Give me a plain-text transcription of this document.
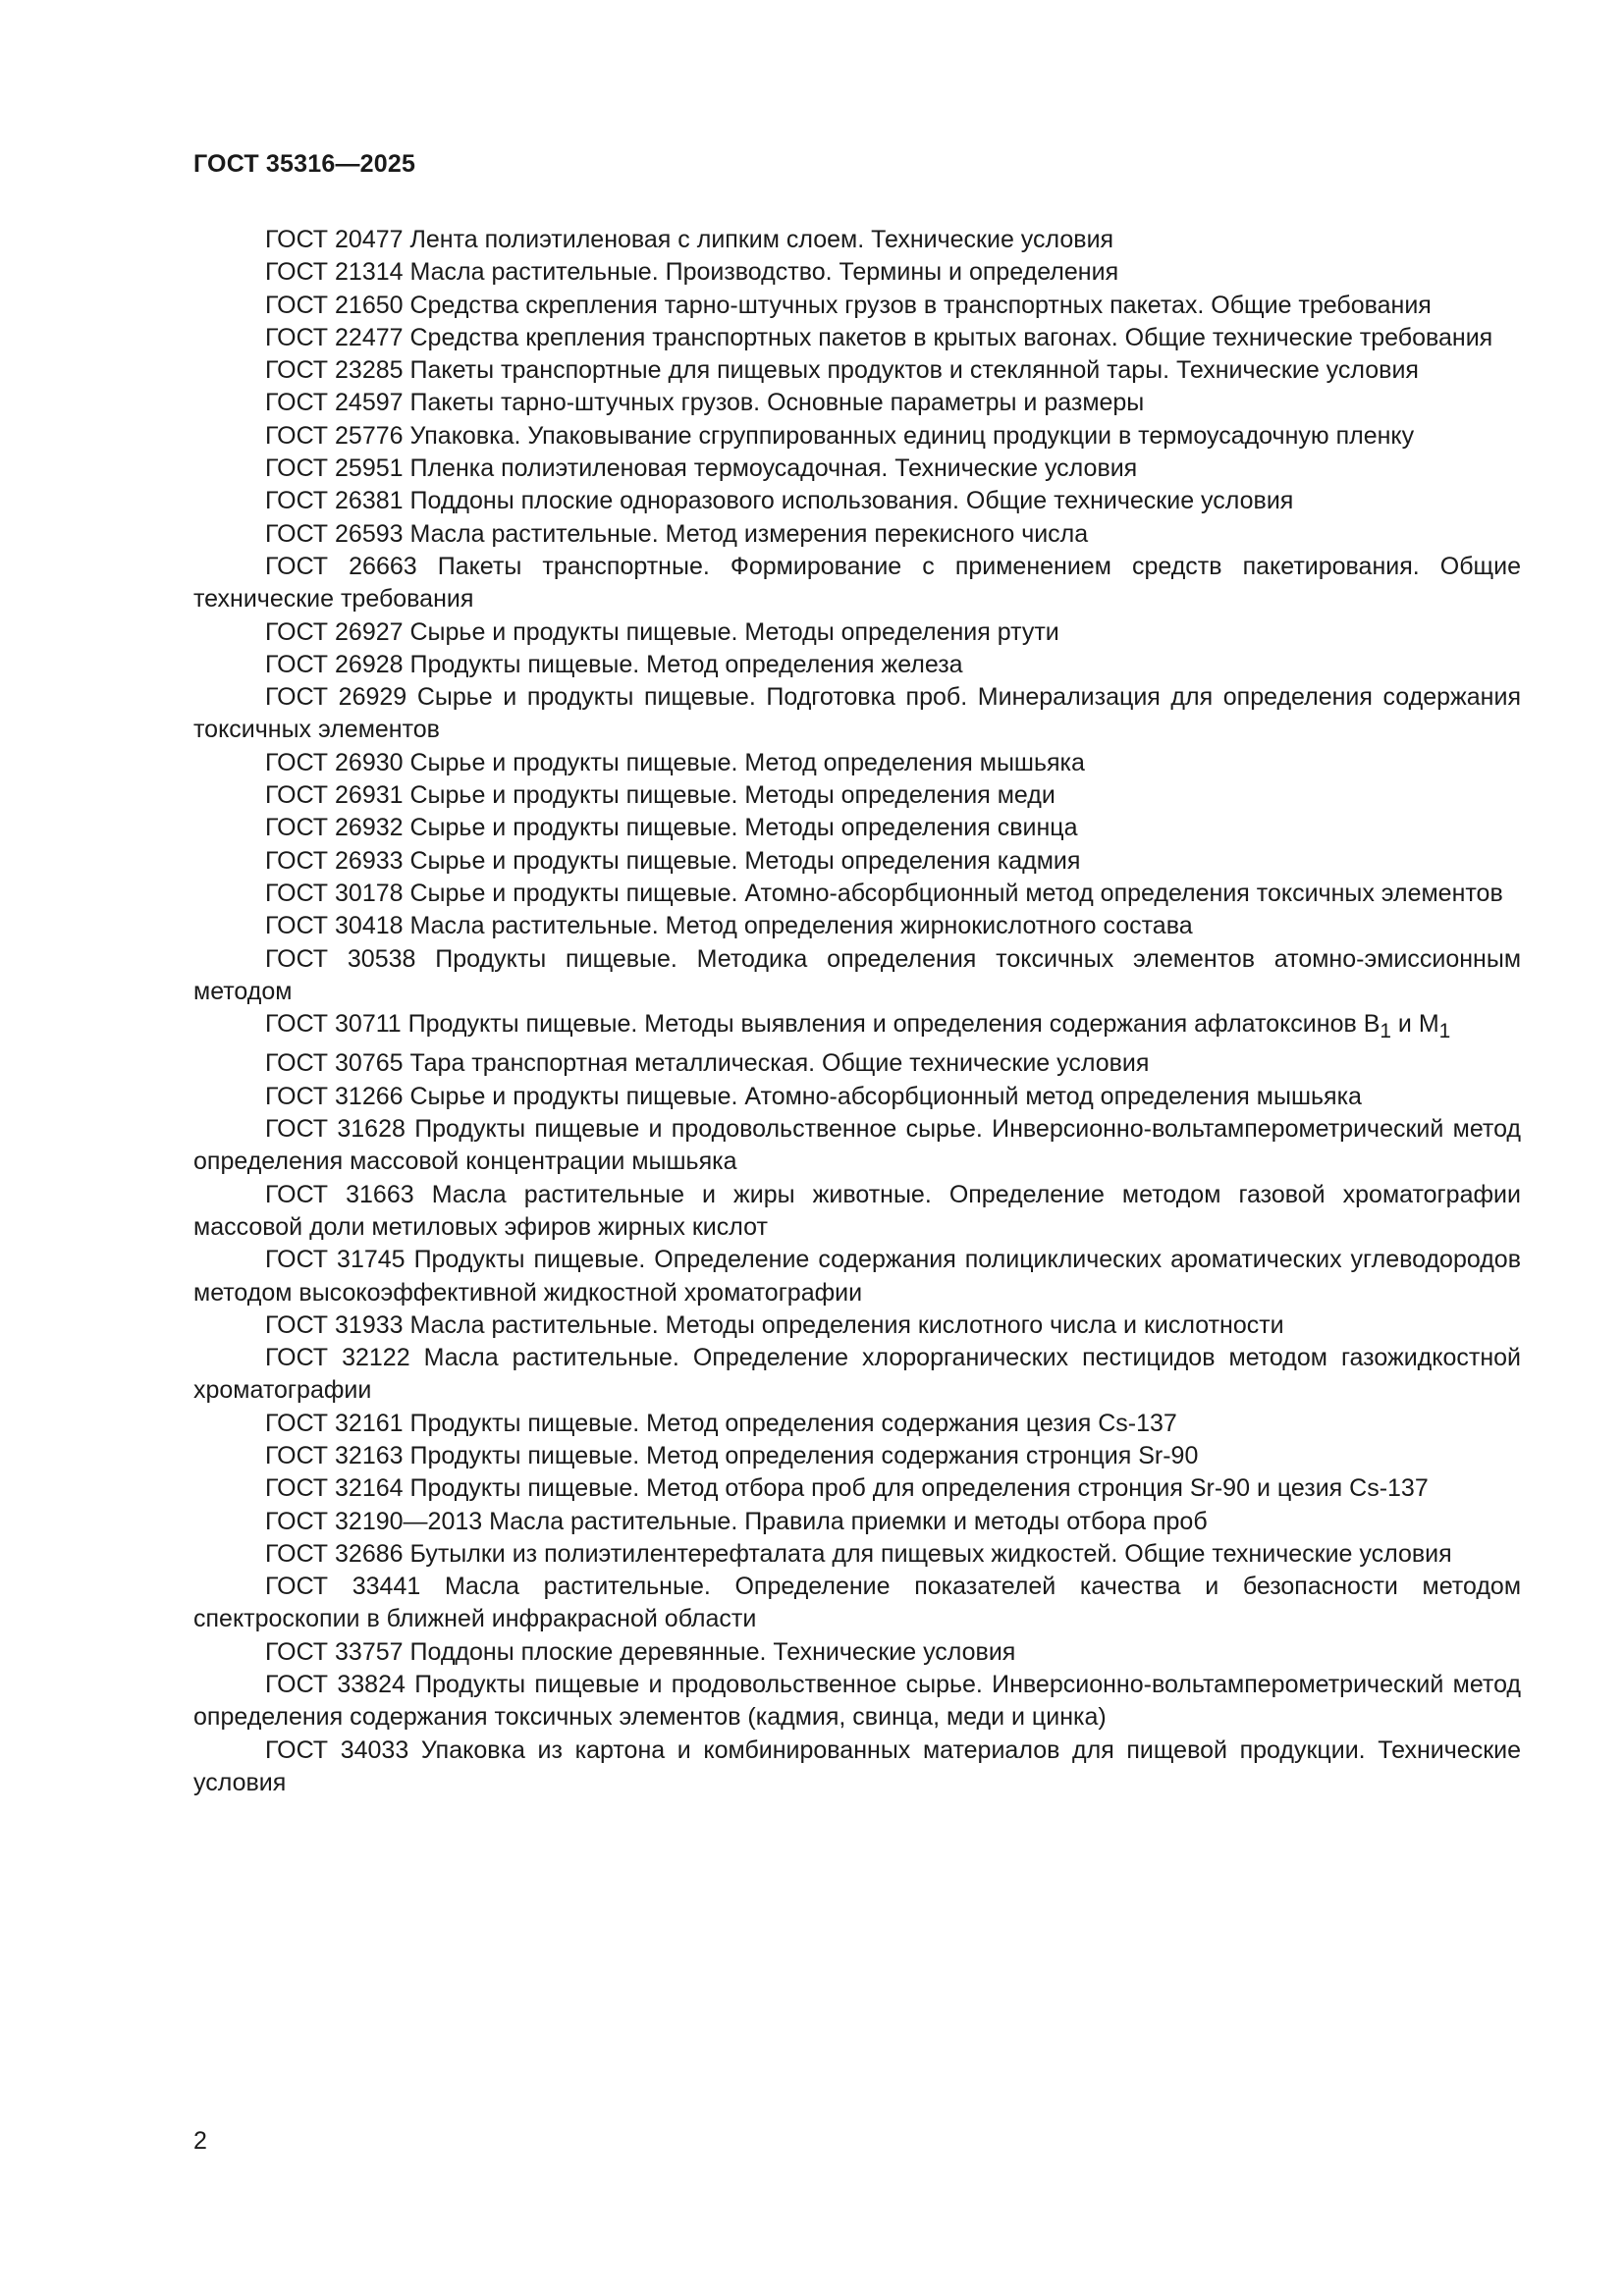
ГОСТ 35316—2025

ГОСТ 20477 Лента полиэтиленовая с липким слоем. Технические условия

ГОСТ 21314 Масла растительные. Производство. Термины и определения

ГОСТ 21650 Средства скрепления тарно-штучных грузов в транспортных пакетах. Общие требования

ГОСТ 22477 Средства крепления транспортных пакетов в крытых вагонах. Общие технические требования

ГОСТ 23285 Пакеты транспортные для пищевых продуктов и стеклянной тары. Технические условия

ГОСТ 24597 Пакеты тарно-штучных грузов. Основные параметры и размеры

ГОСТ 25776 Упаковка. Упаковывание сгруппированных единиц продукции в термоусадочную пленку

ГОСТ 25951 Пленка полиэтиленовая термоусадочная. Технические условия

ГОСТ 26381 Поддоны плоские одноразового использования. Общие технические условия

ГОСТ 26593 Масла растительные. Метод измерения перекисного числа

ГОСТ 26663 Пакеты транспортные. Формирование с применением средств пакетирования. Общие технические требования

ГОСТ 26927 Сырье и продукты пищевые. Методы определения ртути

ГОСТ 26928 Продукты пищевые. Метод определения железа

ГОСТ 26929 Сырье и продукты пищевые. Подготовка проб. Минерализация для определения содержания токсичных элементов

ГОСТ 26930 Сырье и продукты пищевые. Метод определения мышьяка

ГОСТ 26931 Сырье и продукты пищевые. Методы определения меди

ГОСТ 26932 Сырье и продукты пищевые. Методы определения свинца

ГОСТ 26933 Сырье и продукты пищевые. Методы определения кадмия

ГОСТ 30178 Сырье и продукты пищевые. Атомно-абсорбционный метод определения токсичных элементов

ГОСТ 30418 Масла растительные. Метод определения жирнокислотного состава

ГОСТ 30538 Продукты пищевые. Методика определения токсичных элементов атомно-эмиссионным методом

ГОСТ 30711 Продукты пищевые. Методы выявления и определения содержания афлатоксинов $B_1$ и $M_1$

ГОСТ 30765 Тара транспортная металлическая. Общие технические условия

ГОСТ 31266 Сырье и продукты пищевые. Атомно-абсорбционный метод определения мышьяка

ГОСТ 31628 Продукты пищевые и продовольственное сырье. Инверсионно-вольтамперометрический метод определения массовой концентрации мышьяка

ГОСТ 31663 Масла растительные и жиры животные. Определение методом газовой хроматографии массовой доли метиловых эфиров жирных кислот

ГОСТ 31745 Продукты пищевые. Определение содержания полициклических ароматических углеводородов методом высокоэффективной жидкостной хроматографии

ГОСТ 31933 Масла растительные. Методы определения кислотного числа и кислотности

ГОСТ 32122 Масла растительные. Определение хлорорганических пестицидов методом газожидкостной хроматографии

ГОСТ 32161 Продукты пищевые. Метод определения содержания цезия Cs-137

ГОСТ 32163 Продукты пищевые. Метод определения содержания стронция Sr-90

ГОСТ 32164 Продукты пищевые. Метод отбора проб для определения стронция Sr-90 и цезия Cs-137

ГОСТ 32190—2013 Масла растительные. Правила приемки и методы отбора проб

ГОСТ 32686 Бутылки из полиэтилентерефталата для пищевых жидкостей. Общие технические условия

ГОСТ 33441 Масла растительные. Определение показателей качества и безопасности методом спектроскопии в ближней инфракрасной области

ГОСТ 33757 Поддоны плоские деревянные. Технические условия

ГОСТ 33824 Продукты пищевые и продовольственное сырье. Инверсионно-вольтамперометрический метод определения содержания токсичных элементов (кадмия, свинца, меди и цинка)

ГОСТ 34033 Упаковка из картона и комбинированных материалов для пищевой продукции. Технические условия

2
